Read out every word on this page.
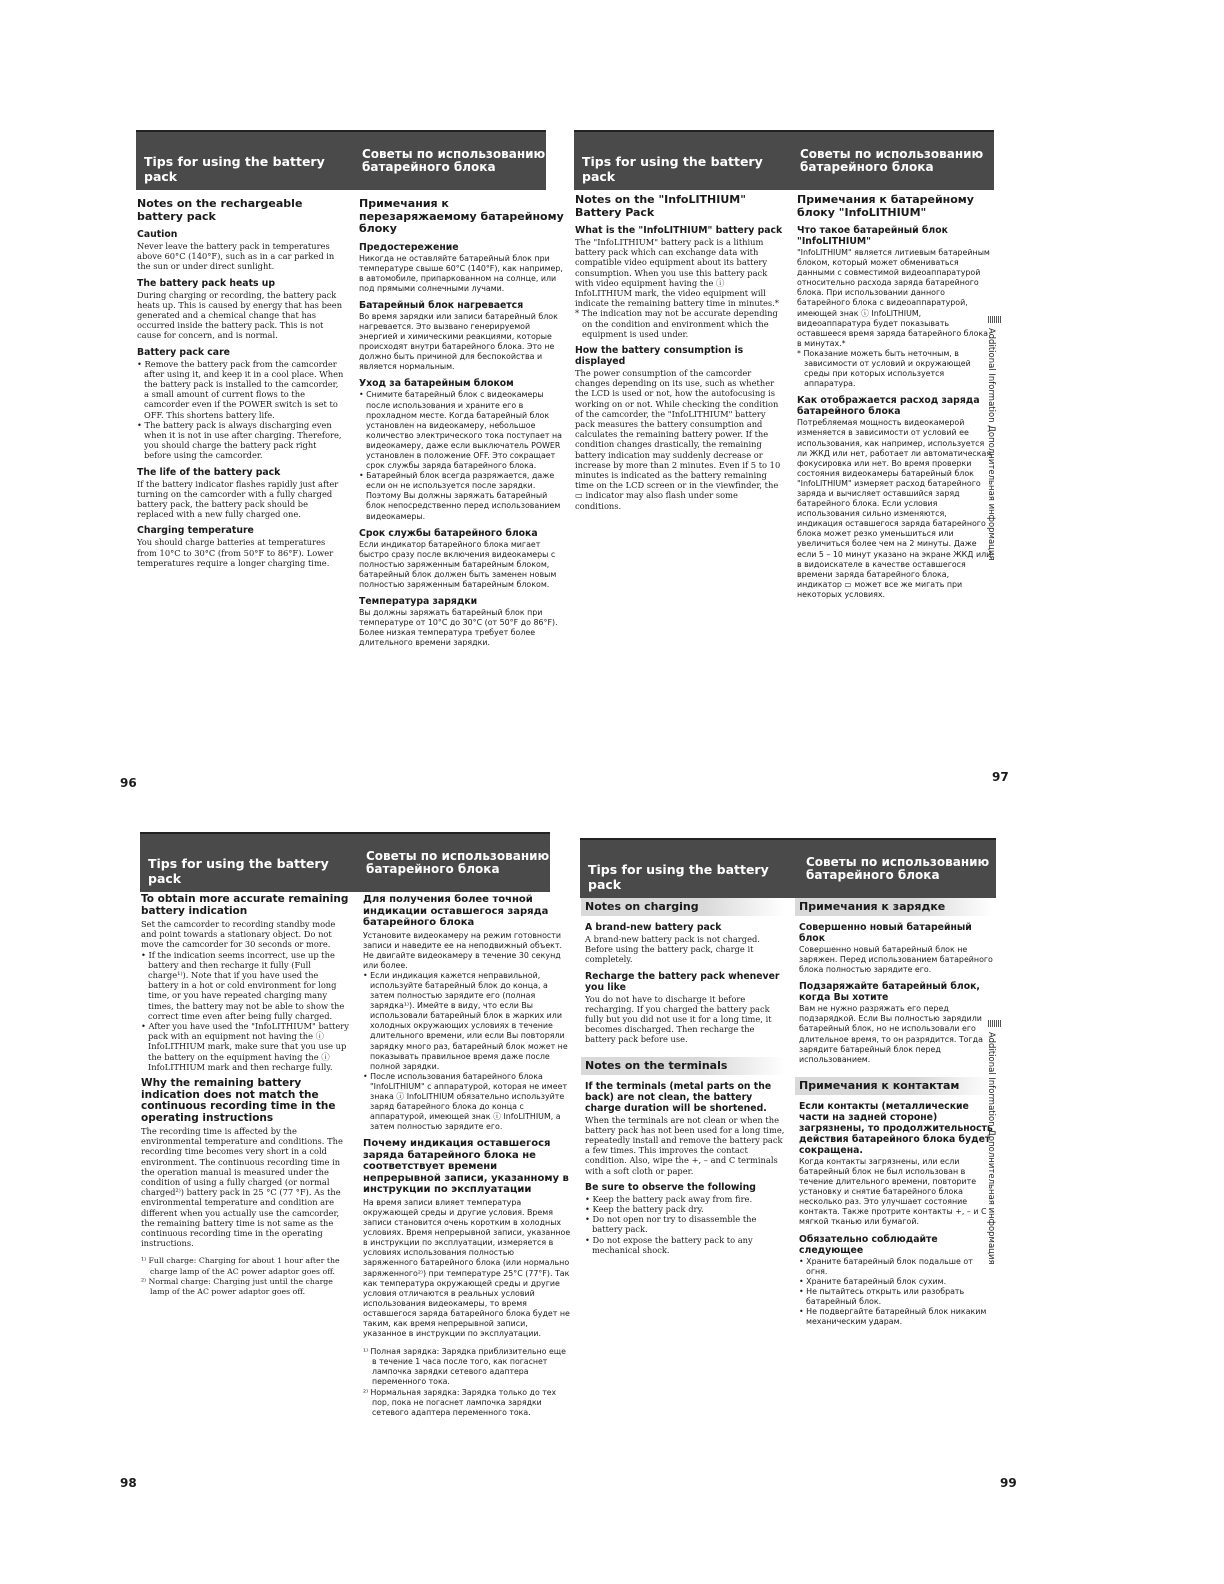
Tips for using the battery pack
Советы по использованию
батарейного блока
Notes on the rechargeable battery pack
Caution

Never leave the battery pack in temperatures above 60°C (140°F), such as in a car parked in the sun or under direct sunlight.

The battery pack heats up

During charging or recording, the battery pack heats up. This is caused by energy that has been generated and a chemical change that has occurred inside the battery pack. This is not cause for concern, and is normal.

Battery pack care

• Remove the battery pack from the camcorder after using it, and keep it in a cool place. When the battery pack is installed to the camcorder, a small amount of current flows to the camcorder even if the POWER switch is set to OFF. This shortens battery life.

• The battery pack is always discharging even when it is not in use after charging. Therefore, you should charge the battery pack right before using the camcorder.

The life of the battery pack

If the battery indicator flashes rapidly just after turning on the camcorder with a fully charged battery pack, the battery pack should be replaced with a new fully charged one.

Charging temperature

You should charge batteries at temperatures from 10°C to 30°C (from 50°F to 86°F). Lower temperatures require a longer charging time.

Примечания к перезаряжаемому батарейному блоку
Предостережение

Никогда не оставляйте батарейный блок при температуре свыше 60°C (140°F), как например, в автомобиле, припаркованном на солнце, или под прямыми солнечными лучами.

Батарейный блок нагревается

Во время зарядки или записи батарейный блок нагревается. Это вызвано генерируемой энергией и химическими реакциями, которые происходят внутри батарейного блока. Это не должно быть причиной для беспокойства и является нормальным.

Уход за батарейным блоком

• Снимите батарейный блок с видеокамеры после использования и храните его в прохладном месте. Когда батарейный блок установлен на видеокамеру, небольшое количество электрического тока поступает на видеокамеру, даже если выключатель POWER установлен в положение OFF. Это сокращает срок службы заряда батарейного блока.

• Батарейный блок всегда разряжается, даже если он не используется после зарядки. Поэтому Вы должны заряжать батарейный блок непосредственно перед использованием видеокамеры.

Срок службы батарейного блока

Если индикатор батарейного блока мигает быстро сразу после включения видеокамеры с полностью заряженным батарейным блоком, батарейный блок должен быть заменен новым полностью заряженным батарейным блоком.

Температура зарядки

Вы должны заряжать батарейный блок при температуре от 10°C до 30°C (от 50°F до 86°F). Более низкая температура требует более длительного времени зарядки.

96
Tips for using the battery pack
Советы по использованию
батарейного блока
Notes on the "InfoLITHIUM" Battery Pack
What is the "InfoLITHIUM" battery pack

The "InfoLITHIUM" battery pack is a lithium battery pack which can exchange data with compatible video equipment about its battery consumption. When you use this battery pack with video equipment having the ⓘ InfoLITHIUM mark, the video equipment will indicate the remaining battery time in minutes.*

* The indication may not be accurate depending on the condition and environment which the equipment is used under.

How the battery consumption is displayed

The power consumption of the camcorder changes depending on its use, such as whether the LCD is used or not, how the autofocusing is working on or not. While checking the condition of the camcorder, the "InfoLITHIUM" battery pack measures the battery consumption and calculates the remaining battery power. If the condition changes drastically, the remaining battery indication may suddenly decrease or increase by more than 2 minutes. Even if 5 to 10 minutes is indicated as the battery remaining time on the LCD screen or in the viewfinder, the ▭ indicator may also flash under some conditions.

Примечания к батарейному блоку "InfoLITHIUM"
Что такое батарейный блок "InfoLITHIUM"

"InfoLITHIUM" является литиевым батарейным блоком, который может обмениваться данными с совместимой видеоаппаратурой относительно расхода заряда батарейного блока. При использовании данного батарейного блока с видеоаппаратурой, имеющей знак ⓘ InfoLITHIUM, видеоаппаратура будет показывать оставшееся время заряда батарейного блока в минутах.*

* Показание можеть быть неточным, в зависимости от условий и окружающей среды при которых используется аппаратура.

Как отображается расход заряда батарейного блока

Потребляемая мощность видеокамерой изменяется в зависимости от условий ее использования, как например, используется ли ЖКД или нет, работает ли автоматическая фокусировка или нет. Во время проверки состояния видеокамеры батарейный блок "InfoLITHIUM" измеряет расход батарейного заряда и вычисляет оставшийся заряд батарейного блока. Если условия использования сильно изменяются, индикация оставшегося заряда батарейного блока может резко уменьшиться или увеличиться более чем на 2 минуты. Даже если 5 – 10 минут указано на экране ЖКД или в видоискателе в качестве оставшегося времени заряда батарейного блока, индикатор ▭ может все же мигать при некоторых условиях.

Additional Information Дополнительная информация
97
Tips for using the battery pack
Советы по использованию
батарейного блока
To obtain more accurate remaining battery indication

Set the camcorder to recording standby mode and point towards a stationary object. Do not move the camcorder for 30 seconds or more.

• If the indication seems incorrect, use up the battery and then recharge it fully (Full charge¹⁾). Note that if you have used the battery in a hot or cold environment for long time, or you have repeated charging many times, the battery may not be able to show the correct time even after being fully charged.

• After you have used the "InfoLITHIUM" battery pack with an equipment not having the ⓘ InfoLITHIUM mark, make sure that you use up the battery on the equipment having the ⓘ InfoLITHIUM mark and then recharge fully.

Why the remaining battery indication does not match the continuous recording time in the operating instructions

The recording time is affected by the environmental temperature and conditions. The recording time becomes very short in a cold environment. The continuous recording time in the operation manual is measured under the condition of using a fully charged (or normal charged²⁾) battery pack in 25 °C (77 °F). As the environmental temperature and condition are different when you actually use the camcorder, the remaining battery time is not same as the continuous recording time in the operating instructions.

¹⁾ Full charge: Charging for about 1 hour after the charge lamp of the AC power adaptor goes off.

²⁾ Normal charge: Charging just until the charge lamp of the AC power adaptor goes off.

Для получения более точной индикации оставшегося заряда батарейного блока

Установите видеокамеру на режим готовности записи и наведите ее на неподвижный объект. Не двигайте видеокамеру в течение 30 секунд или более.

• Если индикация кажется неправильной, используйте батарейный блок до конца, а затем полностью зарядите его (полная зарядка¹⁾). Имейте в виду, что если Вы использовали батарейный блок в жарких или холодных окружающих условиях в течение длительного времени, или если Вы повторяли зарядку много раз, батарейный блок может не показывать правильное время даже после полной зарядки.

• После использования батарейного блока "InfoLITHIUM" с аппаратурой, которая не имеет знака ⓘ InfoLITHIUM обязательно используйте заряд батарейного блока до конца с аппаратурой, имеющей знак ⓘ InfoLITHIUM, а затем полностью зарядите его.

Почему индикация оставшегося заряда батарейного блока не соответствует времени непрерывной записи, указанному в инструкции по эксплуатации

На время записи влияет температура окружающей среды и другие условия. Время записи становится очень коротким в холодных условиях. Время непрерывной записи, указанное в инструкции по эксплуатации, измеряется в условиях использования полностью заряженного батарейного блока (или нормально заряженного²⁾) при температуре 25°C (77°F). Так как температура окружающей среды и другие условия отличаются в реальных условий использования видеокамеры, то время оставшегося заряда батарейного блока будет не таким, как время непрерывной записи, указанное в инструкции по эксплуатации.

¹⁾ Полная зарядка: Зарядка приблизительно еще в течение 1 часа после того, как погаснет лампочка зарядки сетевого адаптера переменного тока.

²⁾ Нормальная зарядка: Зарядка только до тех пор, пока не погаснет лампочка зарядки сетевого адаптера переменного тока.

98
Tips for using the battery pack
Советы по использованию
батарейного блока
Notes on charging
A brand-new battery pack

A brand-new battery pack is not charged. Before using the battery pack, charge it completely.

Recharge the battery pack whenever you like

You do not have to discharge it before recharging. If you charged the battery pack fully but you did not use it for a long time, it becomes discharged. Then recharge the battery pack before use.

Notes on the terminals
If the terminals (metal parts on the back) are not clean, the battery charge duration will be shortened.

When the terminals are not clean or when the battery pack has not been used for a long time, repeatedly install and remove the battery pack a few times. This improves the contact condition. Also, wipe the +, – and C terminals with a soft cloth or paper.

Be sure to observe the following

• Keep the battery pack away from fire.

• Keep the battery pack dry.

• Do not open nor try to disassemble the battery pack.

• Do not expose the battery pack to any mechanical shock.

Примечания к зарядке
Совершенно новый батарейный блок

Совершенно новый батарейный блок не заряжен. Перед использованием батарейного блока полностью зарядите его.

Подзаряжайте батарейный блок, когда Вы хотите

Вам не нужно разряжать его перед подзарядкой. Если Вы полностью зарядили батарейный блок, но не использовали его длительное время, то он разрядится. Тогда зарядите батарейный блок перед использованием.

Примечания к контактам
Если контакты (металлические части на задней стороне) загрязнены, то продолжительность действия батарейного блока будет сокращена.

Когда контакты загрязнены, или если батарейный блок не был использован в течение длительного времени, повторите установку и снятие батарейного блока несколько раз. Это улучшает состояние контакта. Также протрите контакты +, – и C мягкой тканью или бумагой.

Обязательно соблюдайте следующее

• Храните батарейный блок подальше от огня.

• Храните батарейный блок сухим.

• Не пытайтесь открыть или разобрать батарейный блок.

• Не подвергайте батарейный блок никаким механическим ударам.

Additional Information Дополнительная информация
99
